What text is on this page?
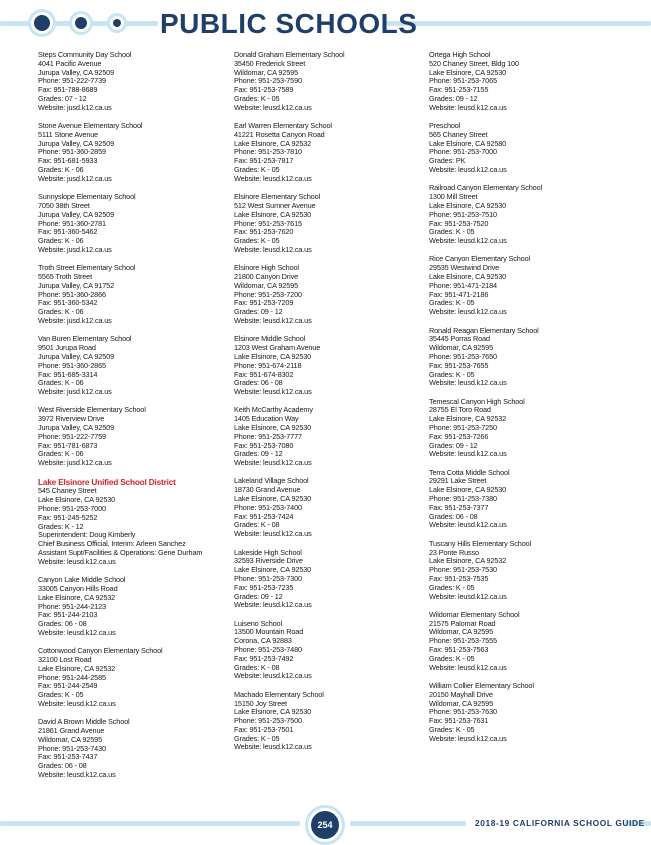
PUBLIC SCHOOLS
Steps Community Day School
4041 Pacific Avenue
Jurupa Valley, CA 92509
Phone: 951-222-7739
Fax: 951-788-8689
Grades: 07 - 12
Website: jusd.k12.ca.us
Stone Avenue Elementary School
5111 Stone Avenue
Jurupa Valley, CA 92509
Phone: 951-360-2859
Fax: 951-681-5933
Grades: K - 06
Website: jusd.k12.ca.us
Sunnyslope Elementary School
7050 38th Street
Jurupa Valley, CA 92509
Phone: 951-360-2781
Fax: 951-360-5462
Grades: K - 06
Website: jusd.k12.ca.us
Troth Street Elementary School
5565 Troth Street
Jurupa Valley, CA 91752
Phone: 951-360-2866
Fax: 951-360-5342
Grades: K - 06
Website: jusd.k12.ca.us
Van Buren Elementary School
9501 Jurupa Road
Jurupa Valley, CA 92509
Phone: 951-360-2865
Fax: 951-685-3314
Grades: K - 06
Website: jusd.k12.ca.us
West Riverside Elementary School
3972 Riverview Drive
Jurupa Valley, CA 92509
Phone: 951-222-7759
Fax: 951-781-6873
Grades: K - 06
Website: jusd.k12.ca.us
Lake Elsinore Unified School District
545 Chaney Street
Lake Elsinore, CA 92530
Phone: 951-253-7000
Fax: 951-245-5252
Grades: K - 12
Superintendent: Doug Kimberly
Chief Business Official, Interim: Arleen Sanchez
Assistant Supt/Facilities & Operations: Gene Durham
Website: leusd.k12.ca.us
Canyon Lake Middle School
33005 Canyon Hills Road
Lake Elsinore, CA 92532
Phone: 951-244-2123
Fax: 951-244-2103
Grades: 06 - 08
Website: leusd.k12.ca.us
Cottonwood Canyon Elementary School
32100 Lost Road
Lake Elsinore, CA 92532
Phone: 951-244-2585
Fax: 951-244-2549
Grades: K - 05
Website: leusd.k12.ca.us
David A Brown Middle School
21861 Grand Avenue
Wildomar, CA 92595
Phone: 951-253-7430
Fax: 951-253-7437
Grades: 06 - 08
Website: leusd.k12.ca.us
Donald Graham Elementary School
35450 Frederick Street
Wildomar, CA 92595
Phone: 951-253-7590
Fax: 951-253-7589
Grades: K - 05
Website: leusd.k12.ca.us
Earl Warren Elementary School
41221 Rosetta Canyon Road
Lake Elsinore, CA 92532
Phone: 951-253-7810
Fax: 951-253-7817
Grades: K - 05
Website: leusd.k12.ca.us
Elsinore Elementary School
512 West Sumner Avenue
Lake Elsinore, CA 92530
Phone: 951-253-7615
Fax: 951-253-7620
Grades: K - 05
Website: leusd.k12.ca.us
Elsinore High School
21800 Canyon Drive
Wildomar, CA 92595
Phone: 951-253-7200
Fax: 951-253-7209
Grades: 09 - 12
Website: leusd.k12.ca.us
Elsinore Middle School
1203 West Graham Avenue
Lake Elsinore, CA 92530
Phone: 951-674-2118
Fax: 951-674-8302
Grades: 06 - 08
Website: leusd.k12.ca.us
Keith McCarthy Academy
1405 Education Way
Lake Elsinore, CA 92530
Phone: 951-253-7777
Fax: 951-253-7080
Grades: 09 - 12
Website: leusd.k12.ca.us
Lakeland Village School
18730 Grand Avenue
Lake Elsinore, CA 92530
Phone: 951-253-7400
Fax: 951-253-7424
Grades: K - 08
Website: leusd.k12.ca.us
Lakeside High School
32593 Riverside Drive
Lake Elsinore, CA 92530
Phone: 951-253-7300
Fax: 951-253-7235
Grades: 09 - 12
Website: leusd.k12.ca.us
Luiseno School
13500 Mountain Road
Corona, CA 92883
Phone: 951-253-7480
Fax: 951-253-7492
Grades: K - 08
Website: leusd.k12.ca.us
Machado Elementary School
15150 Joy Street
Lake Elsinore, CA 92530
Phone: 951-253-7500
Fax: 951-253-7501
Grades: K - 05
Website: leusd.k12.ca.us
Ortega High School
520 Chaney Street, Bldg 100
Lake Elsinore, CA 92530
Phone: 951-253-7065
Fax: 951-253-7155
Grades: 09 - 12
Website: leusd.k12.ca.us
Preschool
565 Chaney Street
Lake Elsinore, CA 92580
Phone: 951-253-7000
Grades: PK
Website: leusd.k12.ca.us
Railroad Canyon Elementary School
1300 Mill Street
Lake Elsinore, CA 92530
Phone: 951-253-7510
Fax: 951-253-7520
Grades: K - 05
Website: leusd.k12.ca.us
Rice Canyon Elementary School
29535 Westwind Drive
Lake Elsinore, CA 92530
Phone: 951-471-2184
Fax: 951-471-2186
Grades: K - 05
Website: leusd.k12.ca.us
Ronald Reagan Elementary School
35445 Porras Road
Wildomar, CA 92595
Phone: 951-253-7650
Fax: 951-253-7655
Grades: K - 05
Website: leusd.k12.ca.us
Temescal Canyon High School
28755 El Toro Road
Lake Elsinore, CA 92532
Phone: 951-253-7250
Fax: 951-253-7266
Grades: 09 - 12
Website: leusd.k12.ca.us
Terra Cotta Middle School
29291 Lake Street
Lake Elsinore, CA 92530
Phone: 951-253-7380
Fax: 951-253-7377
Grades: 06 - 08
Website: leusd.k12.ca.us
Tuscany Hills Elementary School
23 Ponte Russo
Lake Elsinore, CA 92532
Phone: 951-253-7530
Fax: 951-253-7535
Grades: K - 05
Website: leusd.k12.ca.us
Wildomar Elementary School
21575 Palomar Road
Wildomar, CA 92595
Phone: 951-253-7555
Fax: 951-253-7563
Grades: K - 05
Website: leusd.k12.ca.us
William Collier Elementary School
20150 Mayhall Drive
Wildomar, CA 92595
Phone: 951-253-7630
Fax: 951-253-7631
Grades: K - 05
Website: leusd.k12.ca.us
254	2018-19 CALIFORNIA SCHOOL GUIDE
